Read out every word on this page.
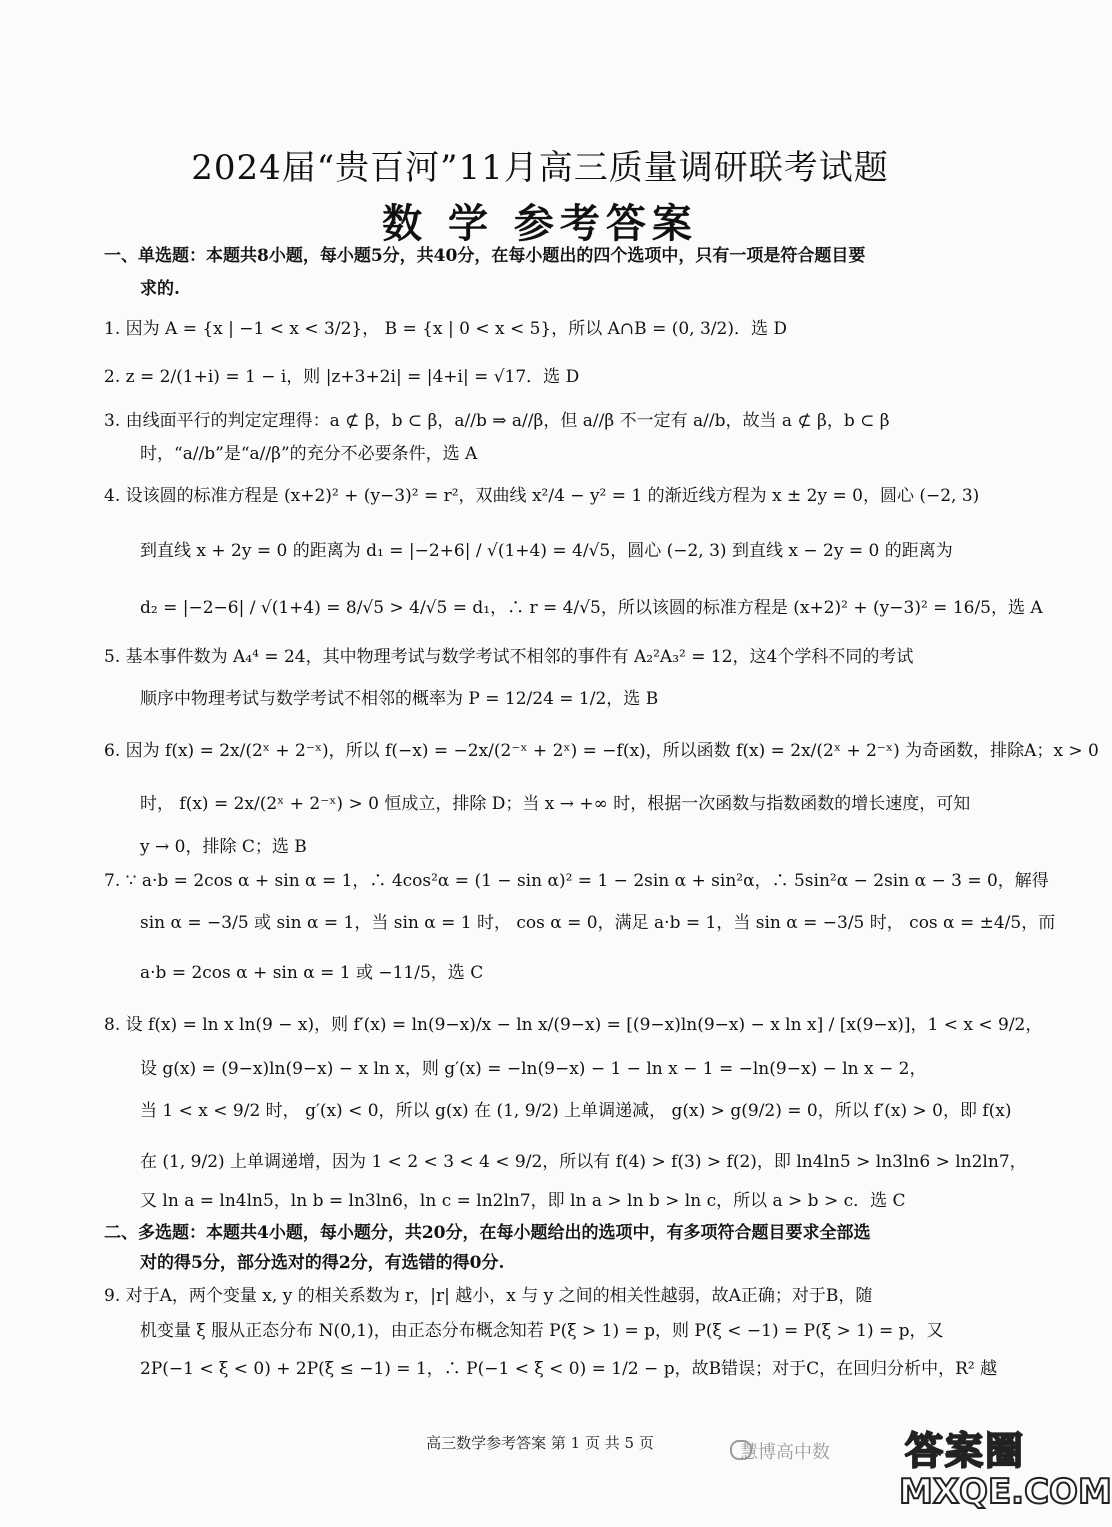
2024届“贵百河”11月高三质量调研联考试题
数 学 参考答案
一、单选题：本题共8小题，每小题5分，共40分，在每小题出的四个选项中，只有一项是符合题目要
求的.
1. 因为 A = {x | −1 < x < 3/2}， B = {x | 0 < x < 5}，所以 A∩B = (0, 3/2)．选 D
2. z = 2/(1+i) = 1 − i，则 |z+3+2i| = |4+i| = √17．选 D
3. 由线面平行的判定定理得：a ⊄ β，b ⊂ β，a//b ⇒ a//β，但 a//β 不一定有 a//b，故当 a ⊄ β，b ⊂ β
时，“a//b”是“a//β”的充分不必要条件，选 A
4. 设该圆的标准方程是 (x+2)² + (y−3)² = r²，双曲线 x²/4 − y² = 1 的渐近线方程为 x ± 2y = 0，圆心 (−2, 3)
到直线 x + 2y = 0 的距离为 d₁ = |−2+6| / √(1+4) = 4/√5，圆心 (−2, 3) 到直线 x − 2y = 0 的距离为
d₂ = |−2−6| / √(1+4) = 8/√5 > 4/√5 = d₁，∴ r = 4/√5，所以该圆的标准方程是 (x+2)² + (y−3)² = 16/5，选 A
5. 基本事件数为 A₄⁴ = 24，其中物理考试与数学考试不相邻的事件有 A₂²A₃² = 12，这4个学科不同的考试
顺序中物理考试与数学考试不相邻的概率为 P = 12/24 = 1/2，选 B
6. 因为 f(x) = 2x/(2ˣ + 2⁻ˣ)，所以 f(−x) = −2x/(2⁻ˣ + 2ˣ) = −f(x)，所以函数 f(x) = 2x/(2ˣ + 2⁻ˣ) 为奇函数，排除A；x > 0
时， f(x) = 2x/(2ˣ + 2⁻ˣ) > 0 恒成立，排除 D；当 x → +∞ 时，根据一次函数与指数函数的增长速度，可知
y → 0，排除 C；选 B
7. ∵ a·b = 2cos α + sin α = 1，∴ 4cos²α = (1 − sin α)² = 1 − 2sin α + sin²α，∴ 5sin²α − 2sin α − 3 = 0，解得
sin α = −3/5 或 sin α = 1，当 sin α = 1 时， cos α = 0，满足 a·b = 1，当 sin α = −3/5 时， cos α = ±4/5，而
a·b = 2cos α + sin α = 1 或 −11/5，选 C
8. 设 f(x) = ln x ln(9 − x)，则 f′(x) = ln(9−x)/x − ln x/(9−x) = [(9−x)ln(9−x) − x ln x] / [x(9−x)]，1 < x < 9/2，
设 g(x) = (9−x)ln(9−x) − x ln x，则 g′(x) = −ln(9−x) − 1 − ln x − 1 = −ln(9−x) − ln x − 2，
当 1 < x < 9/2 时， g′(x) < 0，所以 g(x) 在 (1, 9/2) 上单调递减， g(x) > g(9/2) = 0，所以 f′(x) > 0，即 f(x)
在 (1, 9/2) 上单调递增，因为 1 < 2 < 3 < 4 < 9/2，所以有 f(4) > f(3) > f(2)，即 ln4ln5 > ln3ln6 > ln2ln7，
又 ln a = ln4ln5，ln b = ln3ln6，ln c = ln2ln7，即 ln a > ln b > ln c，所以 a > b > c．选 C
二、多选题：本题共4小题，每小题分，共20分，在每小题给出的选项中，有多项符合题目要求全部选
对的得5分，部分选对的得2分，有选错的得0分.
9. 对于A，两个变量 x, y 的相关系数为 r，|r| 越小，x 与 y 之间的相关性越弱，故A正确；对于B，随
机变量 ξ 服从正态分布 N(0,1)，由正态分布概念知若 P(ξ > 1) = p，则 P(ξ < −1) = P(ξ > 1) = p，又
2P(−1 < ξ < 0) + 2P(ξ ≤ −1) = 1，∴ P(−1 < ξ < 0) = 1/2 − p，故B错误；对于C，在回归分析中，R² 越
高三数学参考答案 第 1 页 共 5 页	慧博高中数 答案圈
MXQE.COM
